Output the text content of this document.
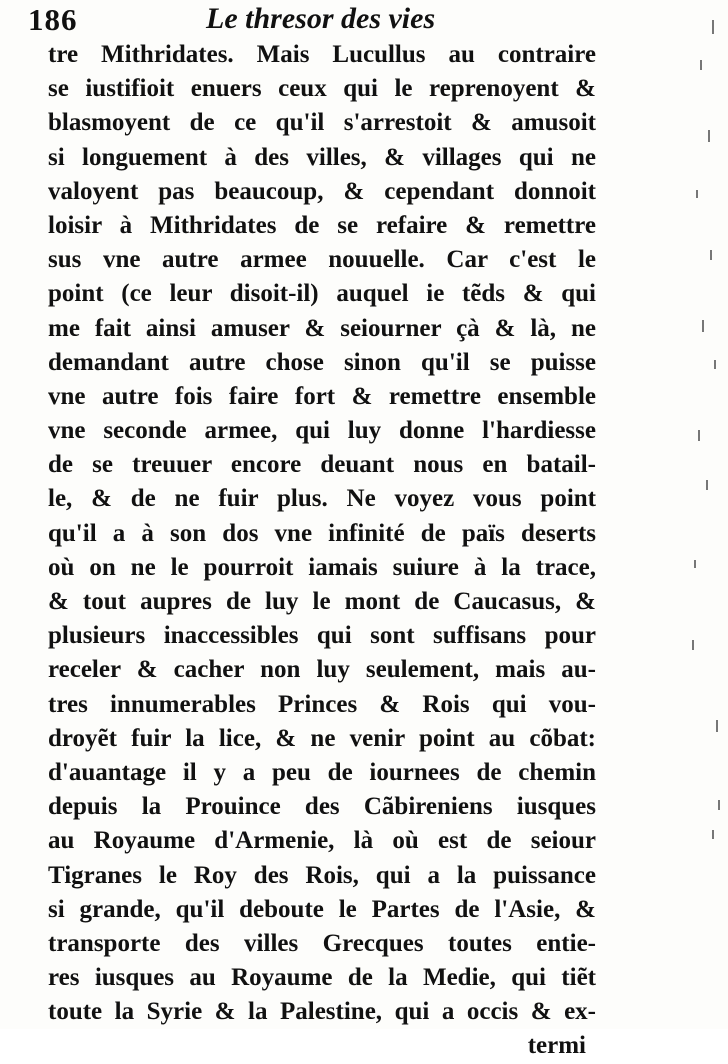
186	Le thresor des vies
tre Mithridates. Mais Lucullus au contraire
se iustifioit enuers ceux qui le reprenoyent &
blasmoyent de ce qu'il s'arrestoit & amusoit
si longuement à des villes, & villages qui ne
valoyent pas beaucoup, & cependant donnoit
loisir à Mithridates de se refaire & remettre
sus vne autre armee nouuelle. Car c'est le
point (ce leur disoit-il) auquel ie tẽds & qui
me fait ainsi amuser & seiourner çà & là, ne
demandant autre chose sinon qu'il se puisse
vne autre fois faire fort & remettre ensemble
vne seconde armee, qui luy donne l'hardiesse
de se treuuer encore deuant nous en batail-
le, & de ne fuir plus. Ne voyez vous point
qu'il a à son dos vne infinité de païs deserts
où on ne le pourroit iamais suiure à la trace,
& tout aupres de luy le mont de Caucasus, &
plusieurs inaccessibles qui sont suffisans pour
receler & cacher non luy seulement, mais au-
tres innumerables Princes & Rois qui vou-
droyẽt fuir la lice, & ne venir point au cõbat:
d'auantage il y a peu de iournees de chemin
depuis la Prouince des Cãbireniens iusques
au Royaume d'Armenie, là où est de seiour
Tigranes le Roy des Rois, qui a la puissance
si grande, qu'il deboute le Partes de l'Asie, &
transporte des villes Grecques toutes entie-
res iusques au Royaume de la Medie, qui tiẽt
toute la Syrie & la Palestine, qui a occis & ex-
termi
